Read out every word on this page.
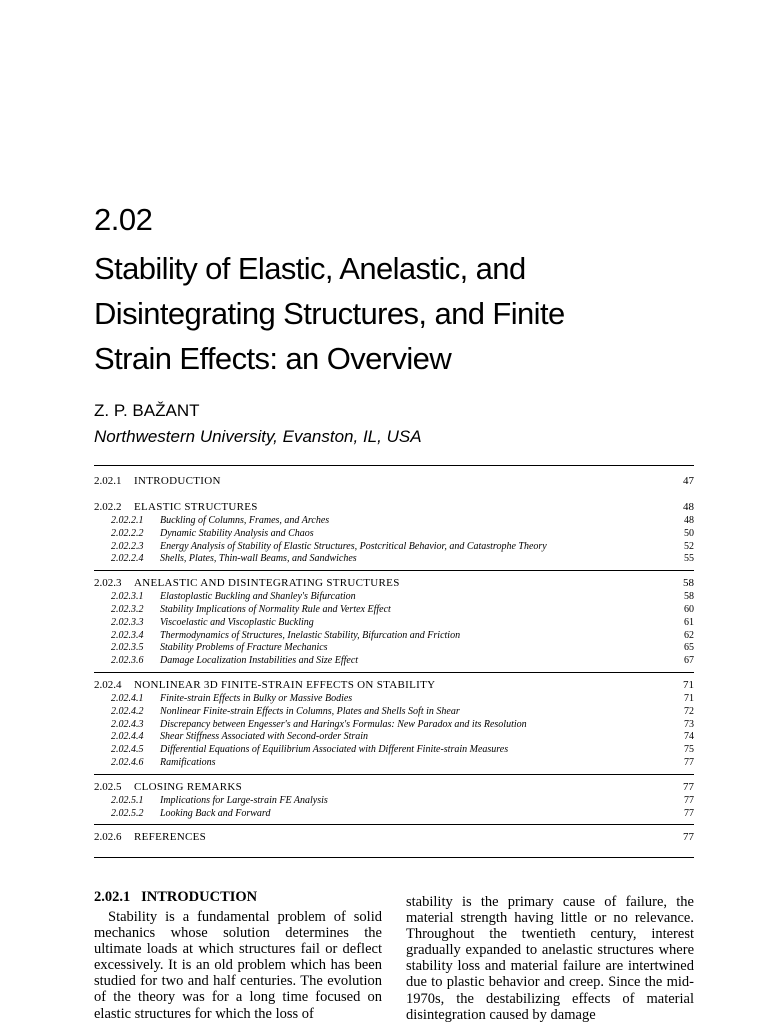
2.02
Stability of Elastic, Anelastic, and
Disintegrating Structures, and Finite
Strain Effects: an Overview
Z. P. BAŽANT
Northwestern University, Evanston, IL, USA
2.02.1 INTRODUCTION	47
2.02.2 ELASTIC STRUCTURES	48
2.02.2.1 Buckling of Columns, Frames, and Arches	48
2.02.2.2 Dynamic Stability Analysis and Chaos	50
2.02.2.3 Energy Analysis of Stability of Elastic Structures, Postcritical Behavior, and Catastrophe Theory	52
2.02.2.4 Shells, Plates, Thin-wall Beams, and Sandwiches	55
2.02.3 ANELASTIC AND DISINTEGRATING STRUCTURES	58
2.02.3.1 Elastoplastic Buckling and Shanley's Bifurcation	58
2.02.3.2 Stability Implications of Normality Rule and Vertex Effect	60
2.02.3.3 Viscoelastic and Viscoplastic Buckling	61
2.02.3.4 Thermodynamics of Structures, Inelastic Stability, Bifurcation and Friction	62
2.02.3.5 Stability Problems of Fracture Mechanics	65
2.02.3.6 Damage Localization Instabilities and Size Effect	67
2.02.4 NONLINEAR 3D FINITE-STRAIN EFFECTS ON STABILITY	71
2.02.4.1 Finite-strain Effects in Bulky or Massive Bodies	71
2.02.4.2 Nonlinear Finite-strain Effects in Columns, Plates and Shells Soft in Shear	72
2.02.4.3 Discrepancy between Engesser's and Haringx's Formulas: New Paradox and its Resolution	73
2.02.4.4 Shear Stiffness Associated with Second-order Strain	74
2.02.4.5 Differential Equations of Equilibrium Associated with Different Finite-strain Measures	75
2.02.4.6 Ramifications	77
2.02.5 CLOSING REMARKS	77
2.02.5.1 Implications for Large-strain FE Analysis	77
2.02.5.2 Looking Back and Forward	77
2.02.6 REFERENCES	77
2.02.1 INTRODUCTION
Stability is a fundamental problem of solid mechanics whose solution determines the ultimate loads at which structures fail or deflect excessively. It is an old problem which has been studied for two and half centuries. The evolution of the theory was for a long time focused on elastic structures for which the loss of
stability is the primary cause of failure, the material strength having little or no relevance. Throughout the twentieth century, interest gradually expanded to anelastic structures where stability loss and material failure are intertwined due to plastic behavior and creep. Since the mid-1970s, the destabilizing effects of material disintegration caused by damage
